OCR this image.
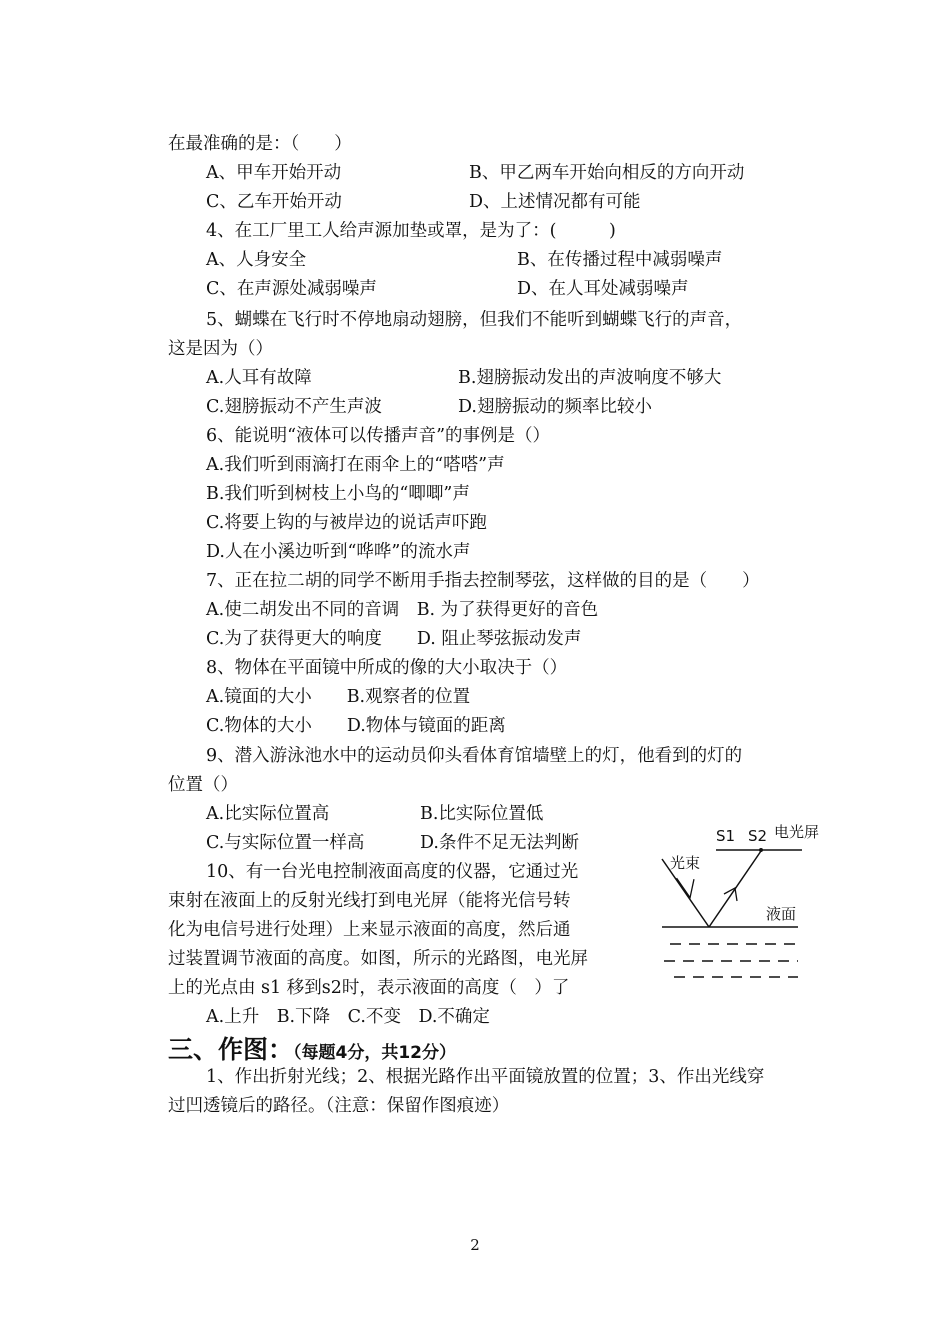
在最准确的是：（　　）
A、甲车开始开动	B、甲乙两车开始向相反的方向开动
C、乙车开始开动	D、上述情况都有可能
4、在工厂里工人给声源加垫或罩，是为了：(　　　)
A、人身安全	B、在传播过程中减弱噪声
C、在声源处减弱噪声	D、在人耳处减弱噪声
5、蝴蝶在飞行时不停地扇动翅膀，但我们不能听到蝴蝶飞行的声音，
这是因为（）
A.人耳有故障	B.翅膀振动发出的声波响度不够大
C.翅膀振动不产生声波	D.翅膀振动的频率比较小
6、能说明“液体可以传播声音”的事例是（）
A.我们听到雨滴打在雨伞上的“嗒嗒”声
B.我们听到树枝上小鸟的“唧唧”声
C.将要上钩的与被岸边的说话声吓跑
D.人在小溪边听到“哗哗”的流水声
7、正在拉二胡的同学不断用手指去控制琴弦，这样做的目的是（　　）
A.使二胡发出不同的音调　B. 为了获得更好的音色
C.为了获得更大的响度　　D. 阻止琴弦振动发声
8、物体在平面镜中所成的像的大小取决于（）
A.镜面的大小　　B.观察者的位置
C.物体的大小　　D.物体与镜面的距离
9、潜入游泳池水中的运动员仰头看体育馆墙壁上的灯，他看到的灯的
位置（）
A.比实际位置高	B.比实际位置低
C.与实际位置一样高	D.条件不足无法判断
10、有一台光电控制液面高度的仪器，它通过光
束射在液面上的反射光线打到电光屏（能将光信号转
化为电信号进行处理）上来显示液面的高度，然后通
过装置调节液面的高度。如图，所示的光路图，电光屏
上的光点由 s1 移到s2时，表示液面的高度（　）了
A.上升　B.下降　C.不变　D.不确定
S1 S2 电光屏
光束
液面
三、作图：（每题4分，共12分）
1、作出折射光线；2、根据光路作出平面镜放置的位置；3、作出光线穿
过凹透镜后的路径。（注意：保留作图痕迹）
2
